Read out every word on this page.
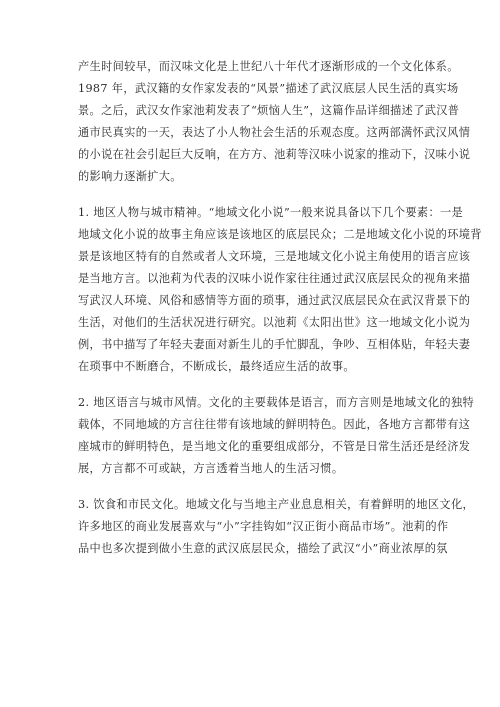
产生时间较早，而汉味文化是上世纪八十年代才逐渐形成的一个文化体系。
1987 年，武汉籍的女作家发表的“风景”描述了武汉底层人民生活的真实场
景。之后，武汉女作家池莉发表了“烦恼人生”，这篇作品详细描述了武汉普
通市民真实的一天，表达了小人物社会生活的乐观态度。这两部满怀武汉风情
的小说在社会引起巨大反响，在方方、池莉等汉味小说家的推动下，汉味小说
的影响力逐渐扩大。
1. 地区人物与城市精神。“地域文化小说”一般来说具备以下几个要素：一是
地域文化小说的故事主角应该是该地区的底层民众；二是地域文化小说的环境背
景是该地区特有的自然或者人文环境，三是地域文化小说主角使用的语言应该
是当地方言。以池莉为代表的汉味小说作家往往通过武汉底层民众的视角来描
写武汉人环境、风俗和感情等方面的琐事，通过武汉底层民众在武汉背景下的
生活，对他们的生活状况进行研究。以池莉《太阳出世》这一地域文化小说为
例，书中描写了年轻夫妻面对新生儿的手忙脚乱，争吵、互相体贴，年轻夫妻
在琐事中不断磨合，不断成长，最终适应生活的故事。
2. 地区语言与城市风情。文化的主要载体是语言，而方言则是地域文化的独特
载体，不同地域的方言往往带有该地域的鲜明特色。因此，各地方言都带有这
座城市的鲜明特色，是当地文化的重要组成部分，不管是日常生活还是经济发
展，方言都不可或缺，方言透着当地人的生活习惯。
3. 饮食和市民文化。地域文化与当地主产业息息相关，有着鲜明的地区文化，
许多地区的商业发展喜欢与“小”字挂钩如“汉正街小商品市场”。池莉的作
品中也多次提到做小生意的武汉底层民众，描绘了武汉“小”商业浓厚的氛
